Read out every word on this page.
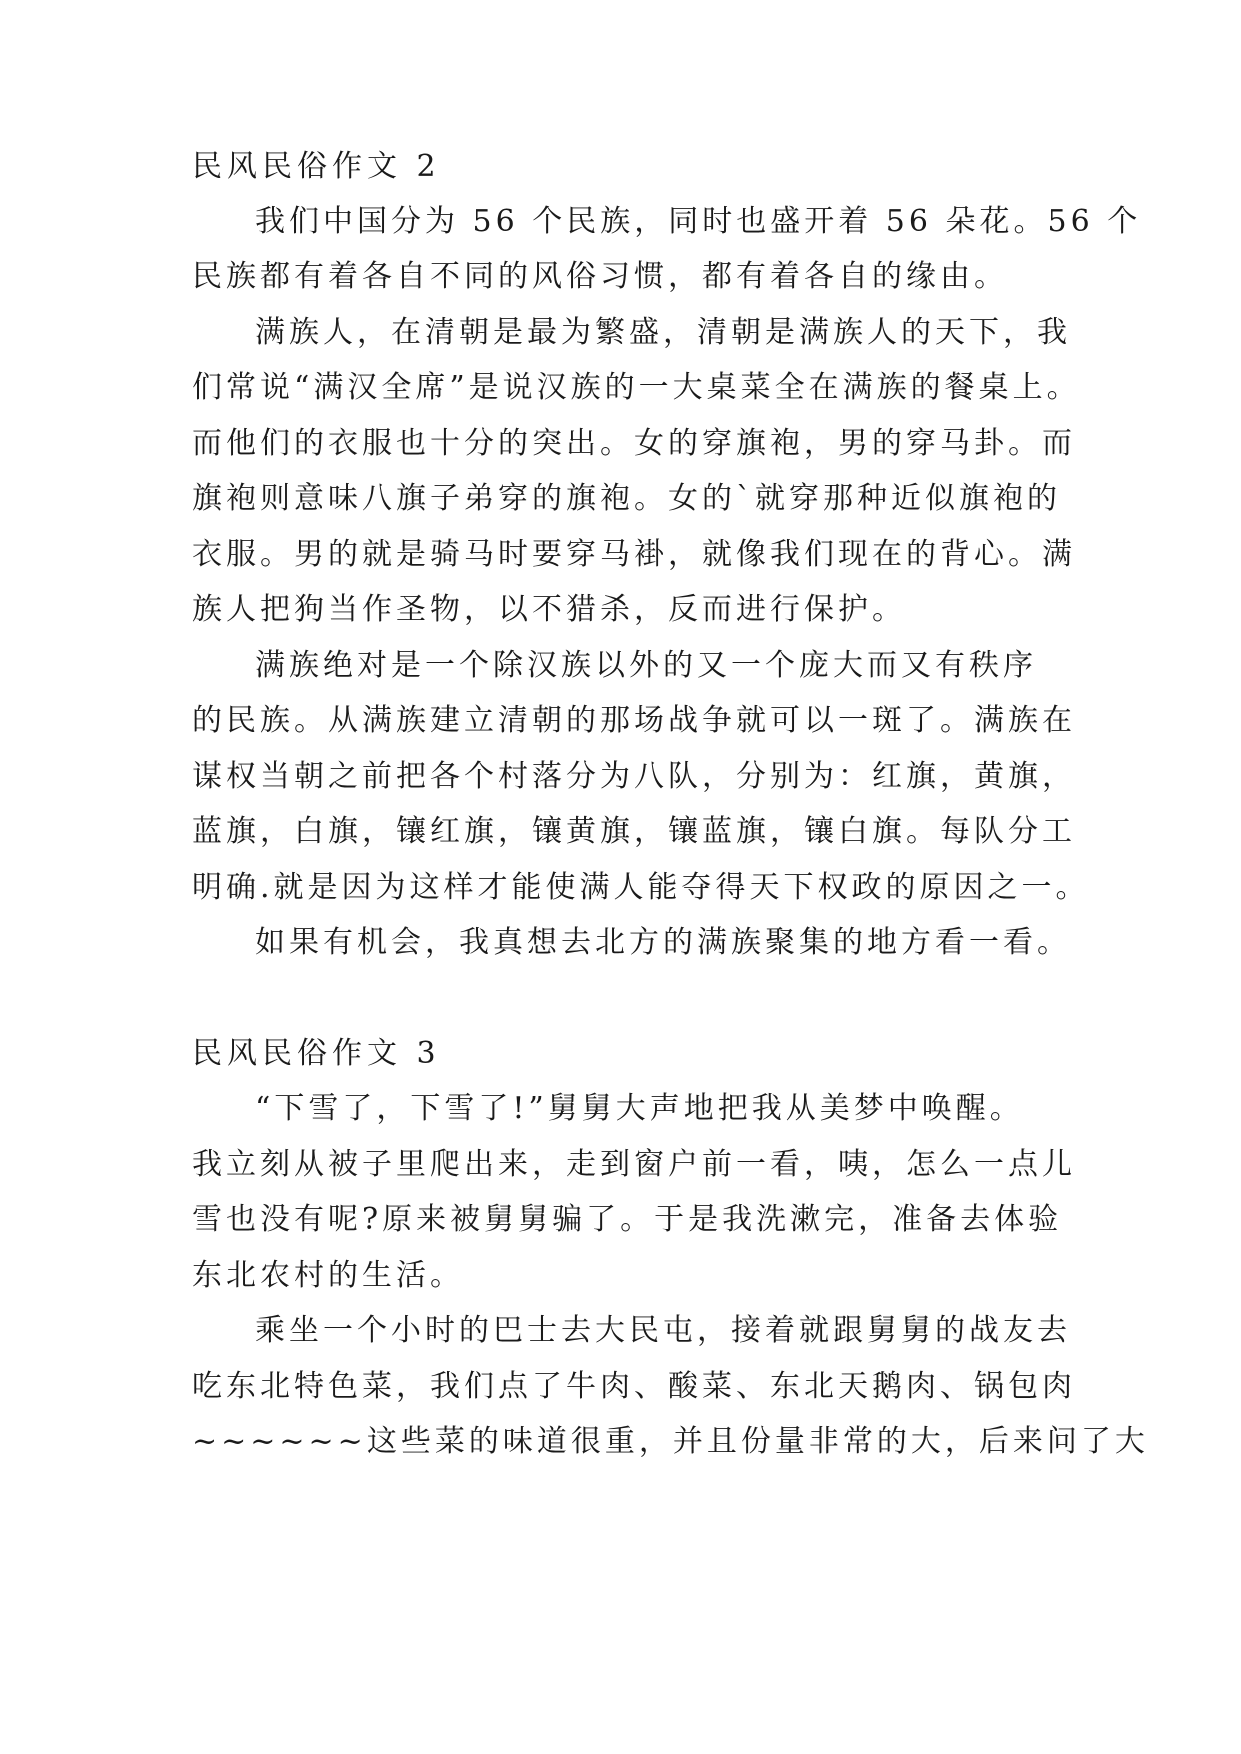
民风民俗作文 2
我们中国分为 56 个民族，同时也盛开着 56 朵花。56 个
民族都有着各自不同的风俗习惯，都有着各自的缘由。
满族人，在清朝是最为繁盛，清朝是满族人的天下，我
们常说“满汉全席”是说汉族的一大桌菜全在满族的餐桌上。
而他们的衣服也十分的突出。女的穿旗袍，男的穿马卦。而
旗袍则意味八旗子弟穿的旗袍。女的`就穿那种近似旗袍的
衣服。男的就是骑马时要穿马褂，就像我们现在的背心。满
族人把狗当作圣物，以不猎杀，反而进行保护。
满族绝对是一个除汉族以外的又一个庞大而又有秩序
的民族。从满族建立清朝的那场战争就可以一斑了。满族在
谋权当朝之前把各个村落分为八队，分别为：红旗，黄旗，
蓝旗，白旗，镶红旗，镶黄旗，镶蓝旗，镶白旗。每队分工
明确.就是因为这样才能使满人能夺得天下权政的原因之一。
如果有机会，我真想去北方的满族聚集的地方看一看。
民风民俗作文 3
“下雪了，下雪了!”舅舅大声地把我从美梦中唤醒。
我立刻从被子里爬出来，走到窗户前一看，咦，怎么一点儿
雪也没有呢?原来被舅舅骗了。于是我洗漱完，准备去体验
东北农村的生活。
乘坐一个小时的巴士去大民屯，接着就跟舅舅的战友去
吃东北特色菜，我们点了牛肉、酸菜、东北天鹅肉、锅包肉
~~~~~~这些菜的味道很重，并且份量非常的大，后来问了大
